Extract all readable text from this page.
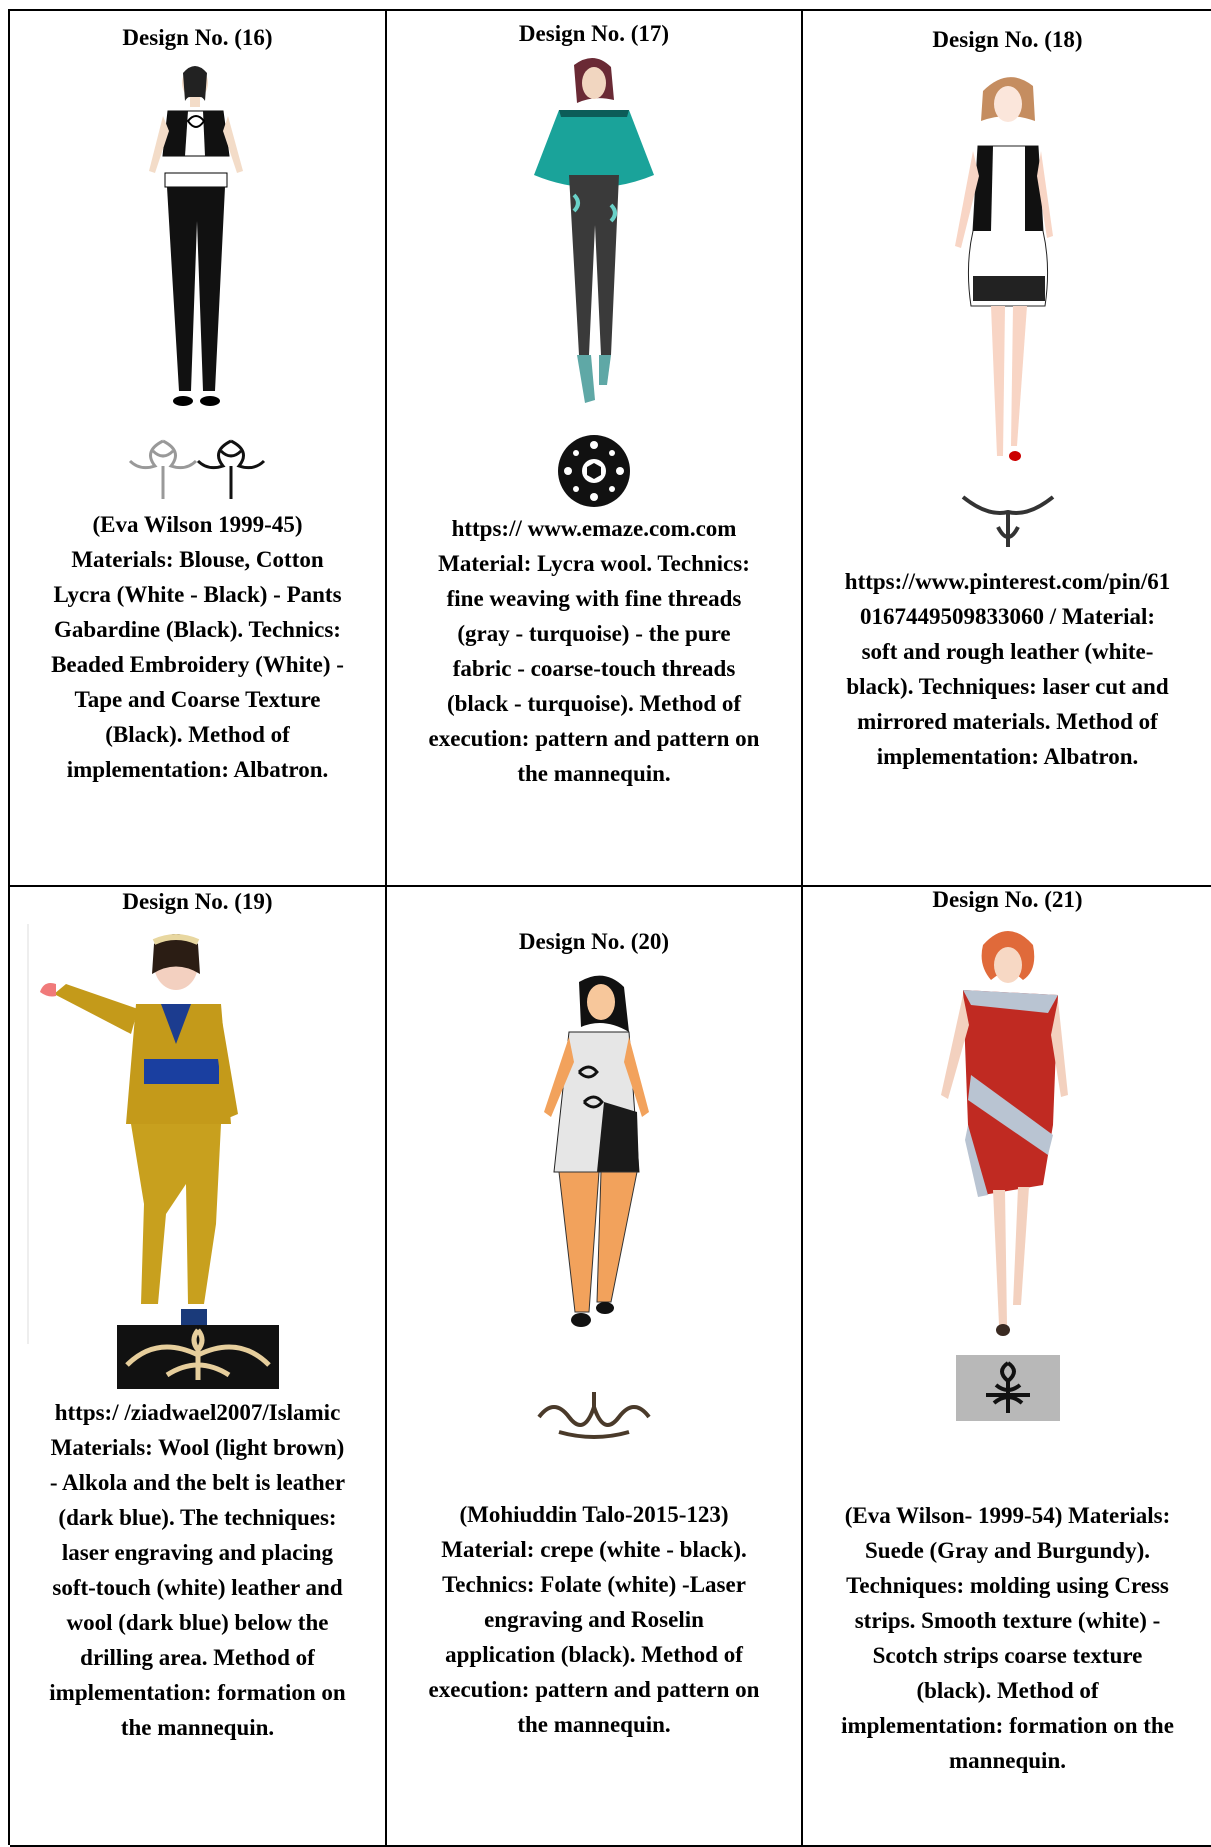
Design No. (16)
(Eva Wilson 1999-45)
Materials: Blouse, Cotton
Lycra (White - Black) - Pants
Gabardine (Black). Technics:
Beaded Embroidery (White) -
Tape and Coarse Texture
(Black). Method of
implementation: Albatron.
Design No. (17)
https:// www.emaze.com.com
Material: Lycra wool. Technics:
fine weaving with fine threads
(gray - turquoise) - the pure
fabric - coarse-touch threads
(black - turquoise). Method of
execution: pattern and pattern on
the mannequin.
Design No. (18)
https://www.pinterest.com/pin/61
0167449509833060 / Material:
soft and rough leather (white-
black). Techniques: laser cut and
mirrored materials. Method of
implementation: Albatron.
Design No. (19)
https:/ /ziadwael2007/Islamic
Materials: Wool (light brown)
- Alkola and the belt is leather
(dark blue). The techniques:
laser engraving and placing
soft-touch (white) leather and
wool (dark blue) below the
drilling area. Method of
implementation: formation on
the mannequin.
Design No. (20)
(Mohiuddin Talo-2015-123)
Material: crepe (white - black).
Technics: Folate (white) -Laser
engraving and Roselin
application (black). Method of
execution: pattern and pattern on
the mannequin.
Design No. (21)
(Eva Wilson- 1999-54) Materials:
Suede (Gray and Burgundy).
Techniques: molding using Cress
strips. Smooth texture (white) -
Scotch strips coarse texture
(black). Method of
implementation: formation on the
mannequin.
